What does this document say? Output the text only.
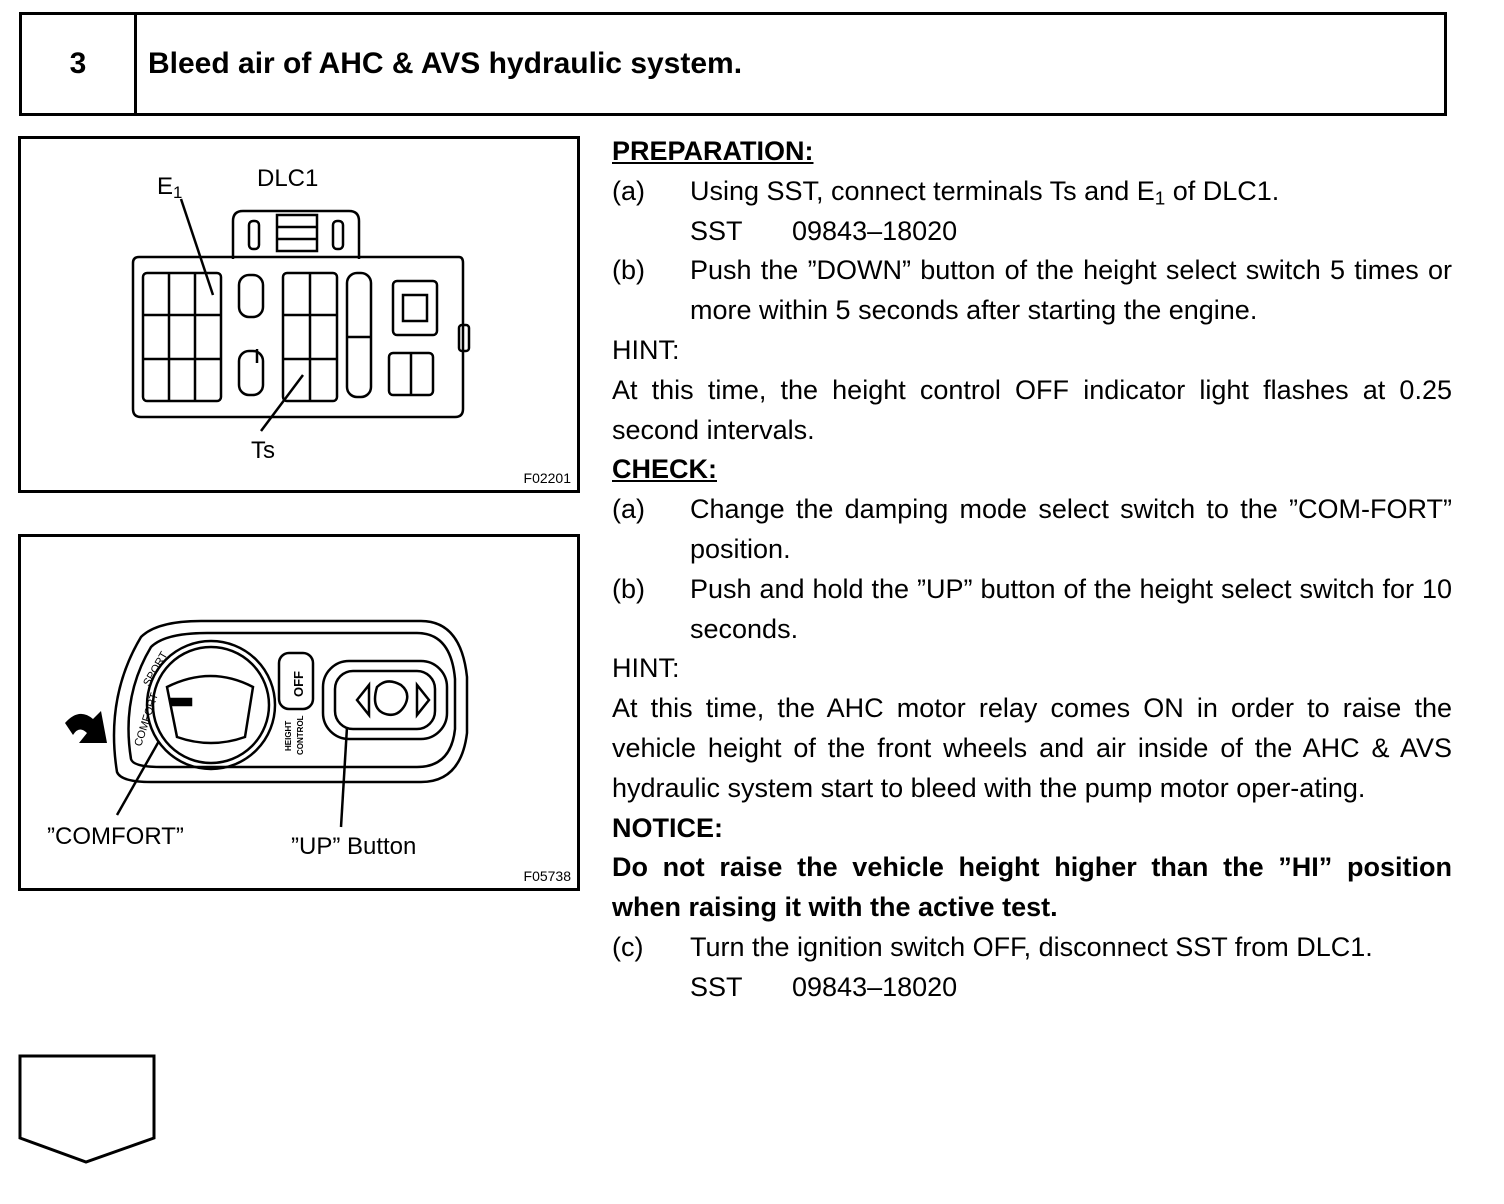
3	Bleed air of AHC & AVS hydraulic system.
$E_1$
DLC1
Ts
F02201
COMFORT
SPORT	OFF
HEIGHT CONTROL
”COMFORT”	”UP” Button
F05738
PREPARATION:
(a)	Using SST, connect terminals Ts and $E_1$ of DLC1.
SST 09843–18020
(b)	Push the ”DOWN” button of the height select switch 5 times or more within 5 seconds after starting the engine.
HINT:
At this time, the height control OFF indicator light flashes at 0.25 second intervals.
CHECK:
(a)	Change the damping mode select switch to the ”COM-FORT” position.
(b)	Push and hold the ”UP” button of the height select switch for 10 seconds.
HINT:
At this time, the AHC motor relay comes ON in order to raise the vehicle height of the front wheels and air inside of the AHC & AVS hydraulic system start to bleed with the pump motor oper-ating.
NOTICE:
Do not raise the vehicle height higher than the ”HI” position when raising it with the active test.
(c)	Turn the ignition switch OFF, disconnect SST from DLC1.
SST 09843–18020
